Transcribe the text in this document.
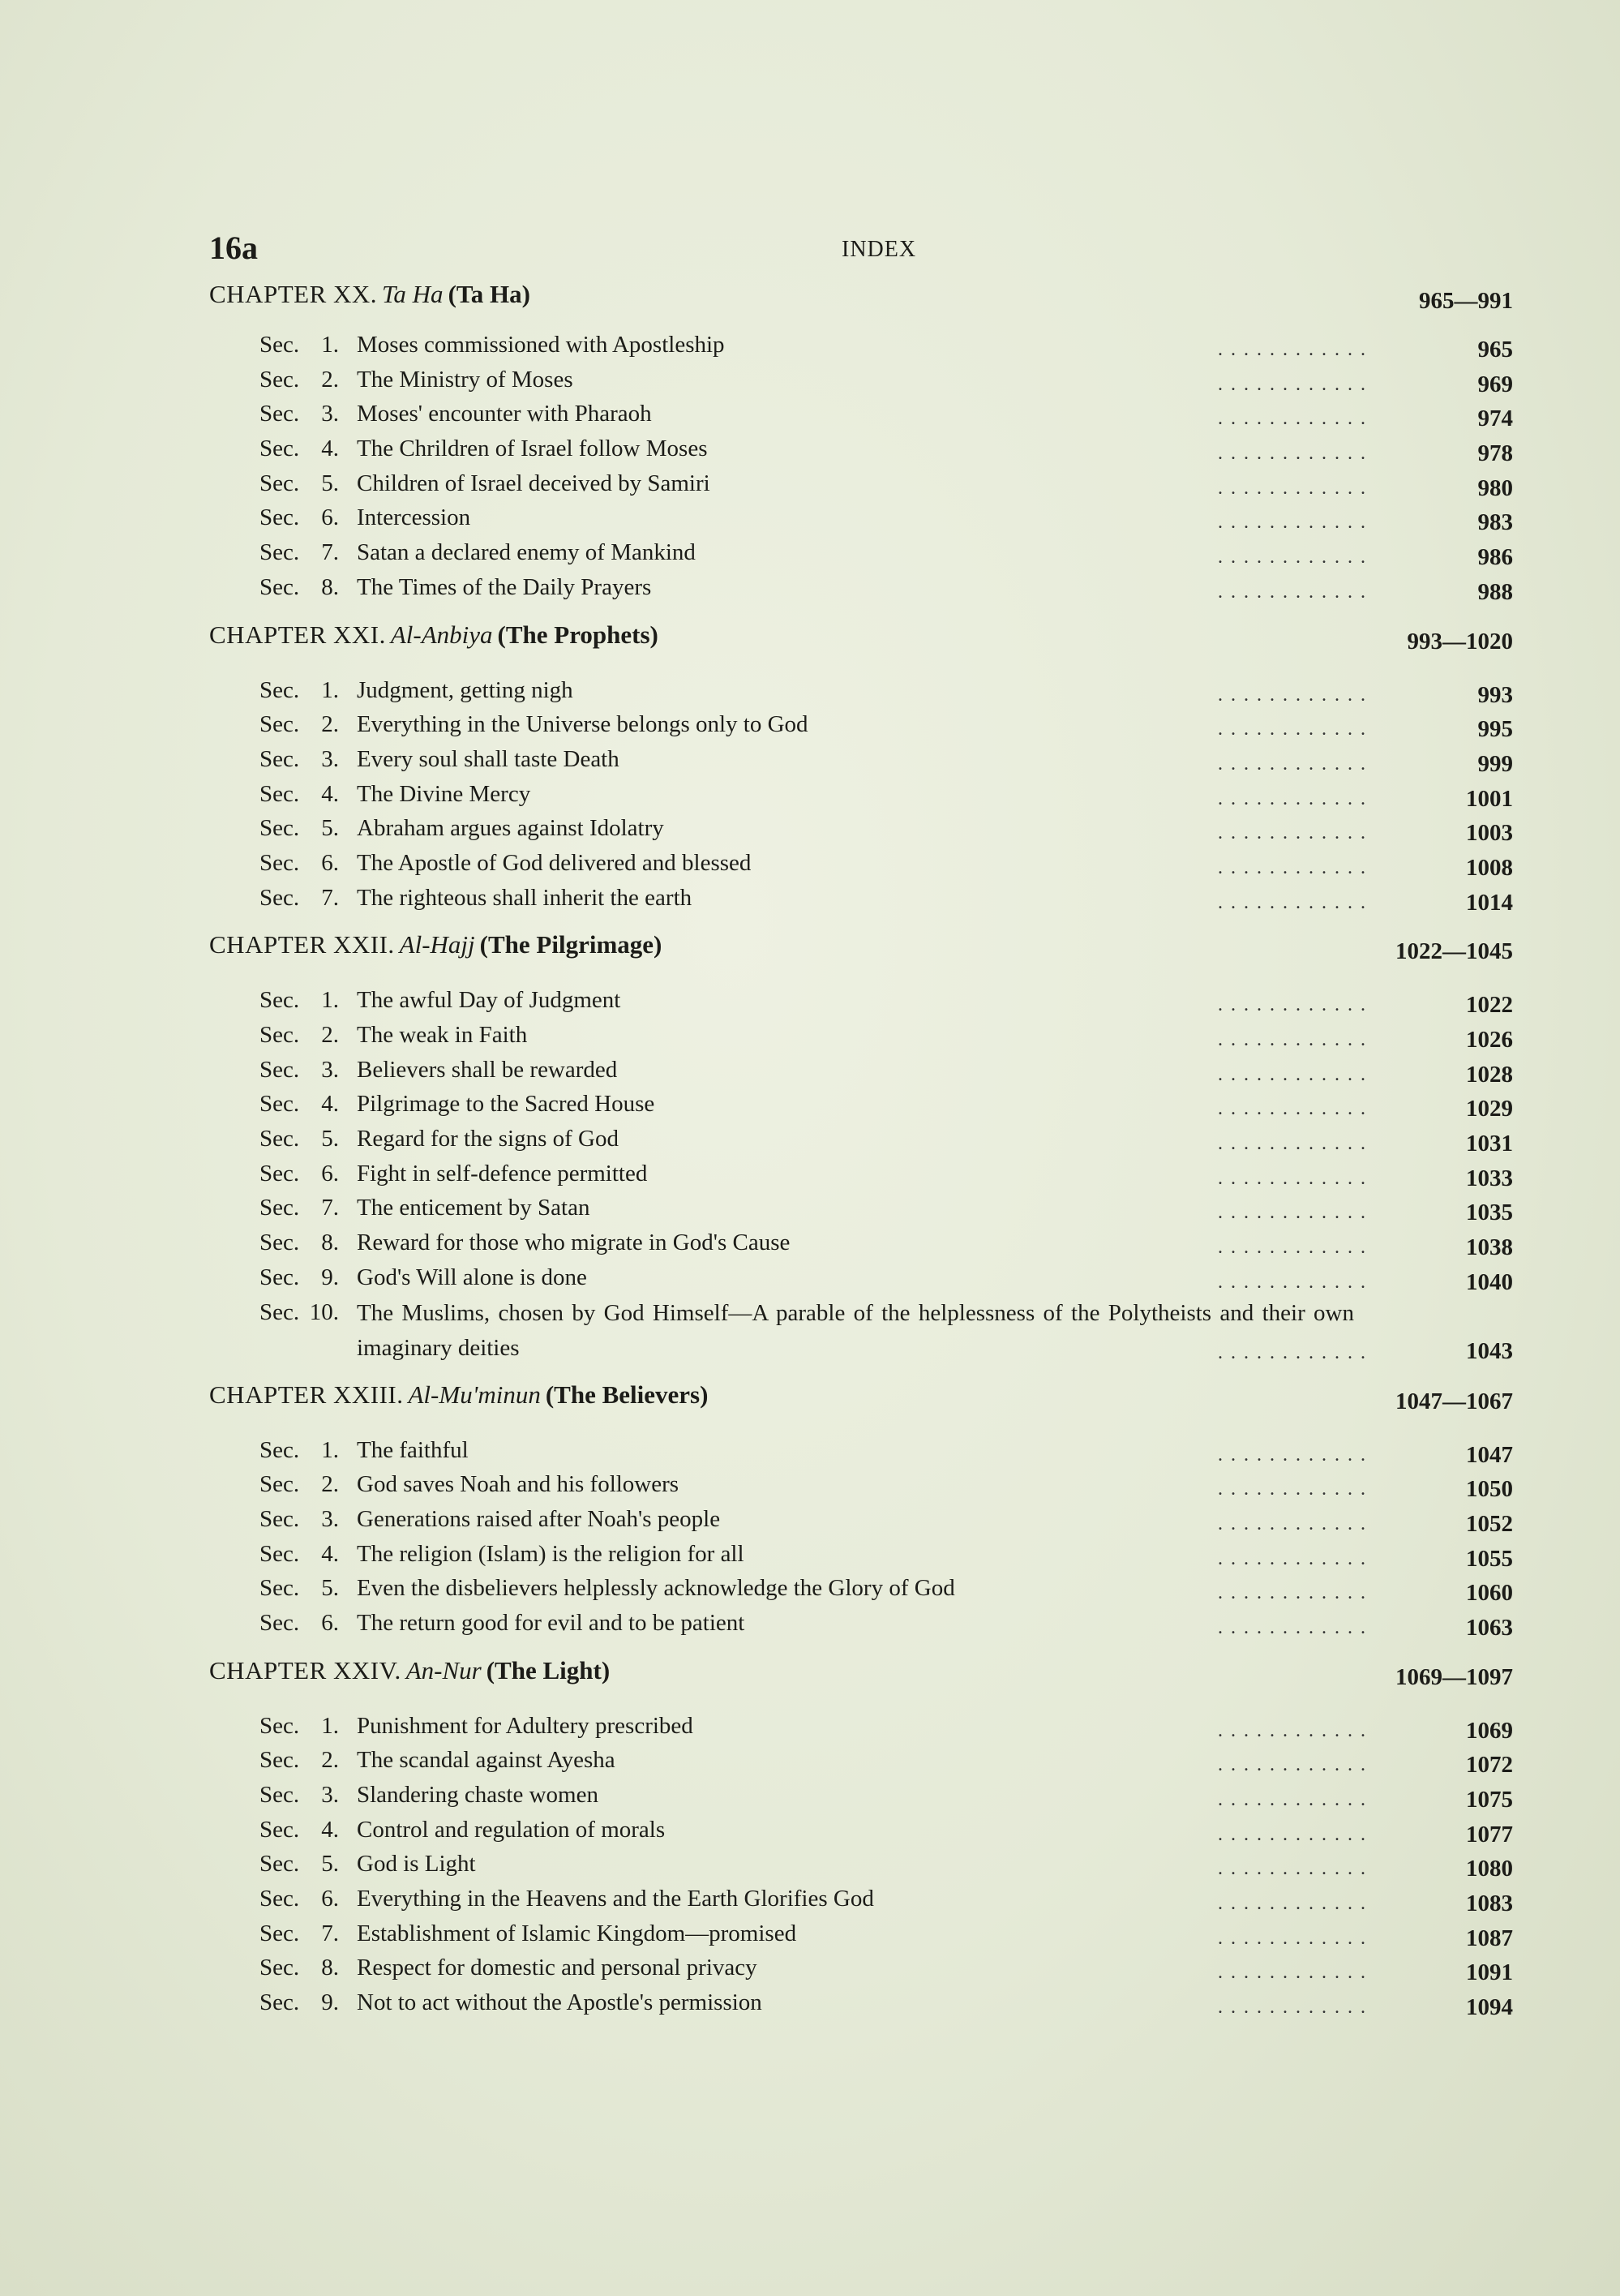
16a	INDEX
CHAPTER XX. Ta Ha (Ta Ha)	965—991
Sec. 1. Moses commissioned with Apostleship	. . . . . . . . . . . .	965
Sec. 2. The Ministry of Moses	. . . . . . . . . . . .	969
Sec. 3. Moses' encounter with Pharaoh	. . . . . . . . . . . .	974
Sec. 4. The Chrildren of Israel follow Moses	. . . . . . . . . . . .	978
Sec. 5. Children of Israel deceived by Samiri	. . . . . . . . . . . .	980
Sec. 6. Intercession	. . . . . . . . . . . .	983
Sec. 7. Satan a declared enemy of Mankind	. . . . . . . . . . . .	986
Sec. 8. The Times of the Daily Prayers	. . . . . . . . . . . .	988
CHAPTER XXI. Al-Anbiya (The Prophets)	993—1020
Sec. 1. Judgment, getting nigh	. . . . . . . . . . . .	993
Sec. 2. Everything in the Universe belongs only to God	. . . . . . . . . . . .	995
Sec. 3. Every soul shall taste Death	. . . . . . . . . . . .	999
Sec. 4. The Divine Mercy	. . . . . . . . . . . .	1001
Sec. 5. Abraham argues against Idolatry	. . . . . . . . . . . .	1003
Sec. 6. The Apostle of God delivered and blessed	. . . . . . . . . . . .	1008
Sec. 7. The righteous shall inherit the earth	. . . . . . . . . . . .	1014
CHAPTER XXII. Al-Hajj (The Pilgrimage)	1022—1045
Sec. 1. The awful Day of Judgment	. . . . . . . . . . . .	1022
Sec. 2. The weak in Faith	. . . . . . . . . . . .	1026
Sec. 3. Believers shall be rewarded	. . . . . . . . . . . .	1028
Sec. 4. Pilgrimage to the Sacred House	. . . . . . . . . . . .	1029
Sec. 5. Regard for the signs of God	. . . . . . . . . . . .	1031
Sec. 6. Fight in self-defence permitted	. . . . . . . . . . . .	1033
Sec. 7. The enticement by Satan	. . . . . . . . . . . .	1035
Sec. 8. Reward for those who migrate in God's Cause	. . . . . . . . . . . .	1038
Sec. 9. God's Will alone is done	. . . . . . . . . . . .	1040
Sec. 10. The Muslims, chosen by God Himself—A parable of the helplessness of the Polytheists and their own imaginary deities	. . . . . . . . . . . .	1043
CHAPTER XXIII. Al-Mu'minun (The Believers)	1047—1067
Sec. 1. The faithful	. . . . . . . . . . . .	1047
Sec. 2. God saves Noah and his followers	. . . . . . . . . . . .	1050
Sec. 3. Generations raised after Noah's people	. . . . . . . . . . . .	1052
Sec. 4. The religion (Islam) is the religion for all	. . . . . . . . . . . .	1055
Sec. 5. Even the disbelievers helplessly acknowledge the Glory of God	. . . . . . . . . . . .	1060
Sec. 6. The return good for evil and to be patient	. . . . . . . . . . . .	1063
CHAPTER XXIV. An-Nur (The Light)	1069—1097
Sec. 1. Punishment for Adultery prescribed	. . . . . . . . . . . .	1069
Sec. 2. The scandal against Ayesha	. . . . . . . . . . . .	1072
Sec. 3. Slandering chaste women	. . . . . . . . . . . .	1075
Sec. 4. Control and regulation of morals	. . . . . . . . . . . .	1077
Sec. 5. God is Light	. . . . . . . . . . . .	1080
Sec. 6. Everything in the Heavens and the Earth Glorifies God	. . . . . . . . . . . .	1083
Sec. 7. Establishment of Islamic Kingdom—promised	. . . . . . . . . . . .	1087
Sec. 8. Respect for domestic and personal privacy	. . . . . . . . . . . .	1091
Sec. 9. Not to act without the Apostle's permission	. . . . . . . . . . . .	1094
